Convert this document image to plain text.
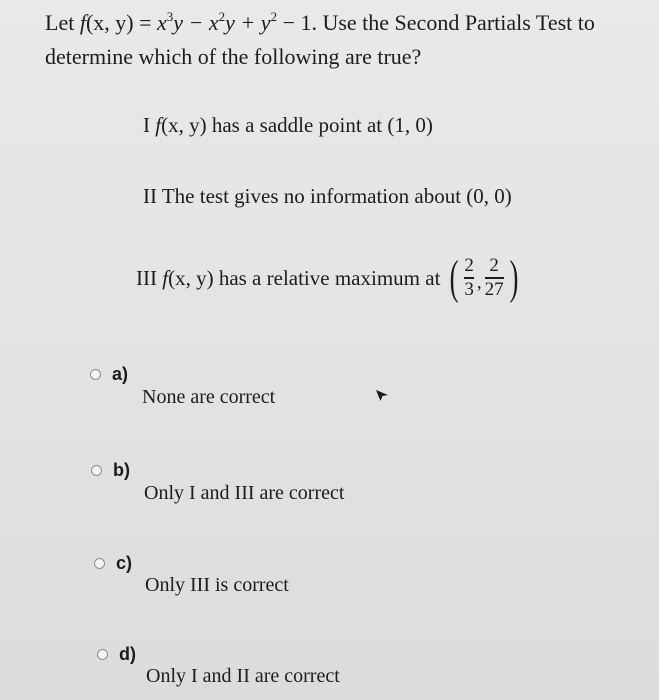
Let f(x, $y) = x^3y - x^2y + y^2 - 1$. Use the Second Partials Test to determine which of the following are true?
I f(x, y) has a saddle point at (1, 0)
II The test gives no information about (0, 0)
III f(x, y) has a relative maximum at ( $\frac{2}{3}$ , $\frac{2}{27}$ )
a)
None are correct
b)
Only I and III are correct
c)
Only III is correct
d)
Only I and II are correct
